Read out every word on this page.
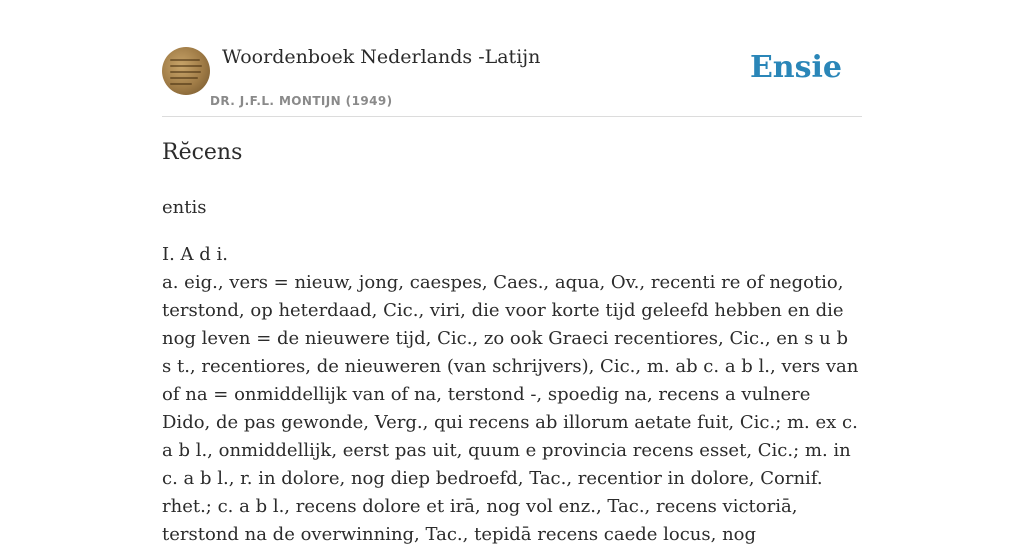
Woordenboek Nederlands -Latijn
DR. J.F.L. MONTIJN (1949)
Ensie
Rĕcens

entis

I. A d i.

a. eig., vers = nieuw, jong, caespes, Caes., aqua, Ov., recenti re of negotio, terstond, op heterdaad, Cic., viri, die voor korte tijd geleefd hebben en die nog leven = de nieuwere tijd, Cic., zo ook Graeci recentiores, Cic., en s u b s t., recentiores, de nieuweren (van schrijvers), Cic., m. ab c. a b l., vers van of na = onmiddellijk van of na, terstond -, spoedig na, recens a vulnere Dido, de pas gewonde, Verg., qui recens ab illorum aetate fuit, Cic.; m. ex c. a b l., onmiddellijk, eerst pas uit, quum e provincia recens esset, Cic.; m. in c. a b l., r. in dolore, nog diep bedroefd, Tac., recentior in dolore, Cornif. rhet.; c. a b l., recens dolore et irā, nog vol enz., Tac., recens victoriā, terstond na de overwinning, Tac., tepidā recens caede locus, nog
